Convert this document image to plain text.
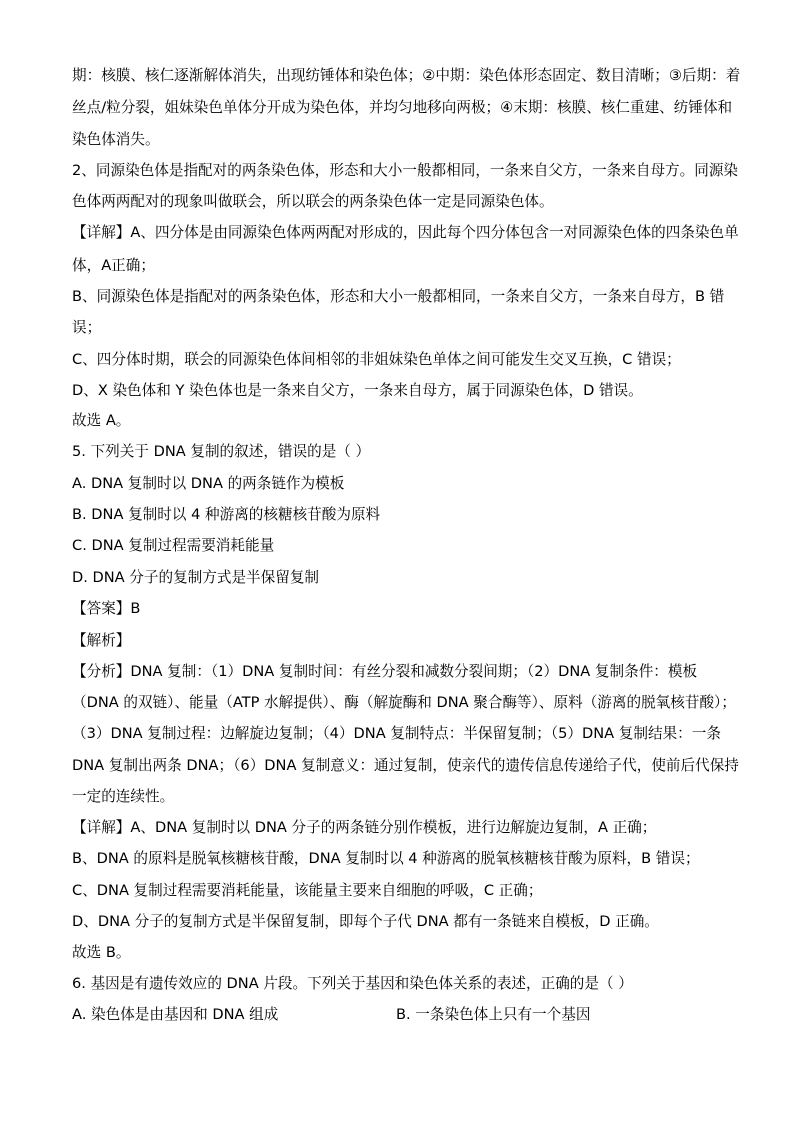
期：核膜、核仁逐渐解体消失，出现纺锤体和染色体；②中期：染色体形态固定、数目清晰；③后期：着
丝点/粒分裂，姐妹染色单体分开成为染色体，并均匀地移向两极；④末期：核膜、核仁重建、纺锤体和
染色体消失。
2、同源染色体是指配对的两条染色体，形态和大小一般都相同，一条来自父方，一条来自母方。同源染
色体两两配对的现象叫做联会，所以联会的两条染色体一定是同源染色体。
【详解】A、四分体是由同源染色体两两配对形成的，因此每个四分体包含一对同源染色体的四条染色单
体，A正确；
B、同源染色体是指配对的两条染色体，形态和大小一般都相同，一条来自父方，一条来自母方，B 错
误；
C、四分体时期，联会的同源染色体间相邻的非姐妹染色单体之间可能发生交叉互换，C 错误；
D、X 染色体和 Y 染色体也是一条来自父方，一条来自母方，属于同源染色体，D 错误。
故选 A。
5. 下列关于 DNA 复制的叙述，错误的是（ ）
A. DNA 复制时以 DNA 的两条链作为模板
B. DNA 复制时以 4 种游离的核糖核苷酸为原料
C. DNA 复制过程需要消耗能量
D. DNA 分子的复制方式是半保留复制
【答案】B
【解析】
【分析】DNA 复制：（1）DNA 复制时间：有丝分裂和减数分裂间期；（2）DNA 复制条件：模板
（DNA 的双链）、能量（ATP 水解提供）、酶（解旋酶和 DNA 聚合酶等）、原料（游离的脱氧核苷酸）；
（3）DNA 复制过程：边解旋边复制；（4）DNA 复制特点：半保留复制；（5）DNA 复制结果：一条
DNA 复制出两条 DNA；（6）DNA 复制意义：通过复制，使亲代的遗传信息传递给子代，使前后代保持
一定的连续性。
【详解】A、DNA 复制时以 DNA 分子的两条链分别作模板，进行边解旋边复制，A 正确；
B、DNA 的原料是脱氧核糖核苷酸，DNA 复制时以 4 种游离的脱氧核糖核苷酸为原料，B 错误；
C、DNA 复制过程需要消耗能量，该能量主要来自细胞的呼吸，C 正确；
D、DNA 分子的复制方式是半保留复制，即每个子代 DNA 都有一条链来自模板，D 正确。
故选 B。
6. 基因是有遗传效应的 DNA 片段。下列关于基因和染色体关系的表述，正确的是（ ）
A. 染色体是由基因和 DNA 组成	B. 一条染色体上只有一个基因
